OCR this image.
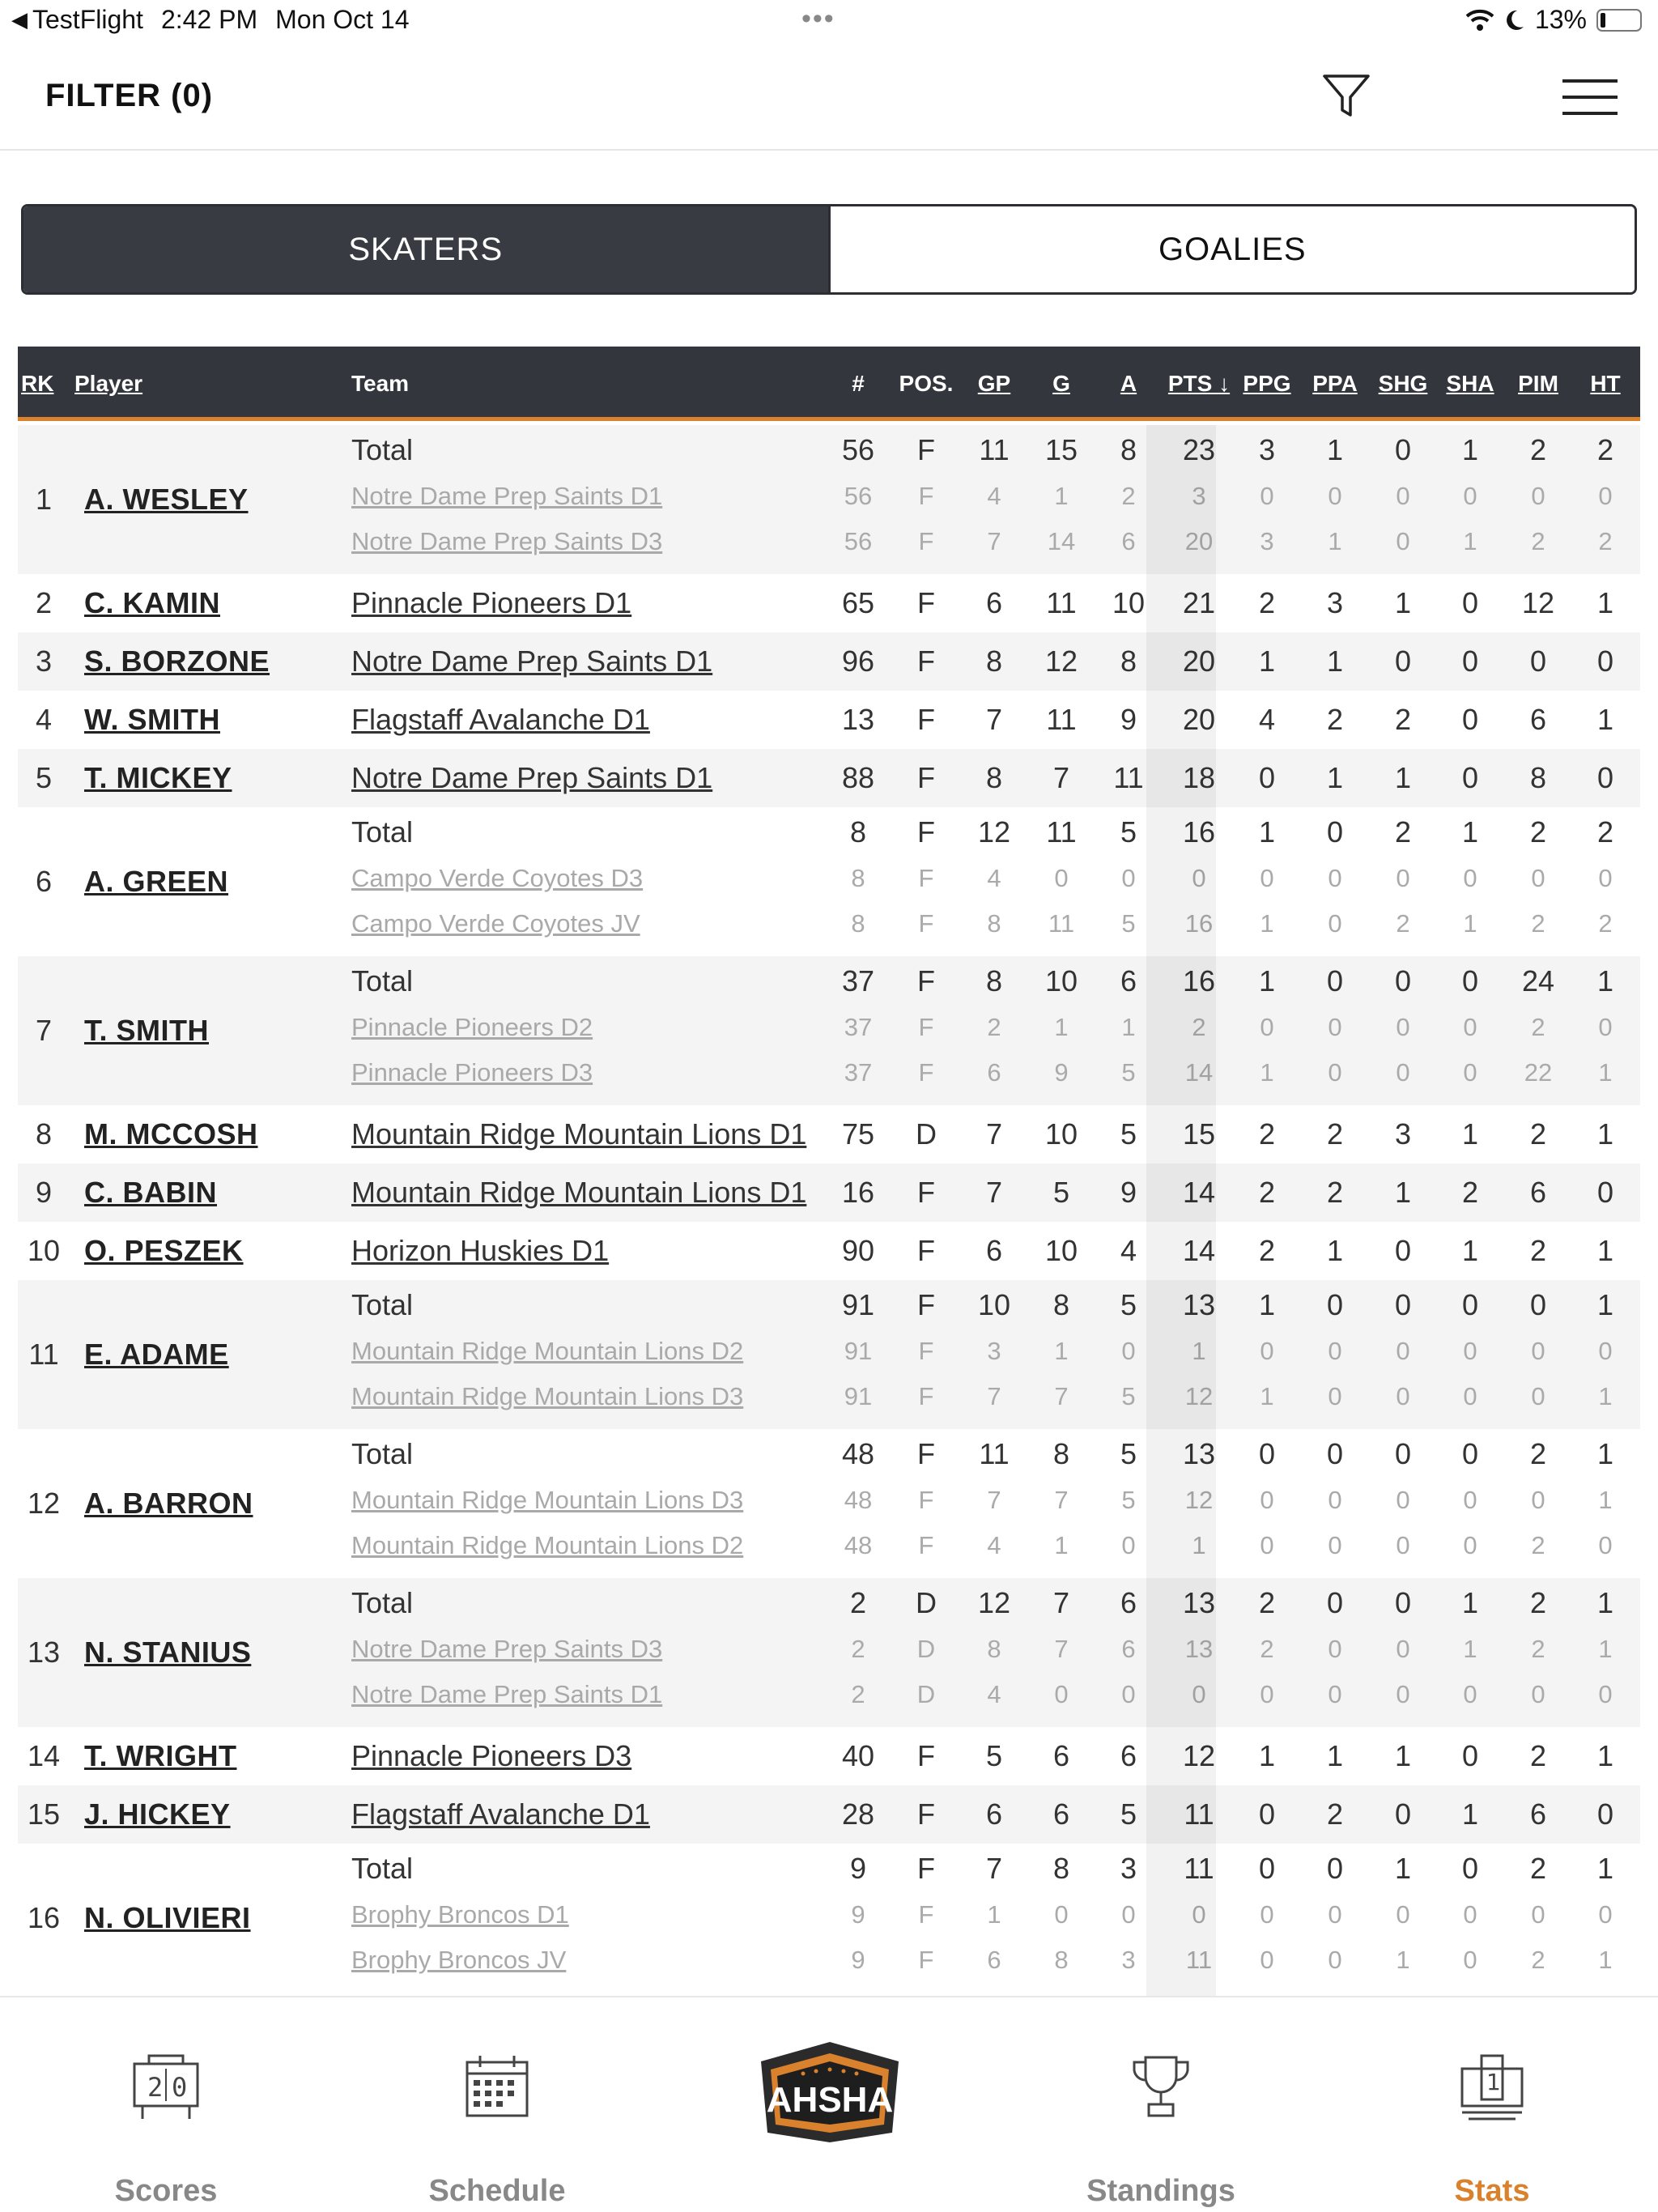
◀ TestFlight 2:42 PM Mon Oct 14	•••	13%
FILTER (0)
SKATERS	GOALIES
RK Player	Team	# POS. GP G A PTS ↓ PPG PPA SHG SHA PIM HT
1 A. WESLEY
Total	56 F 11 15 8 23 3 1 0 1 2 2
Notre Dame Prep Saints D1	56 F 4 1 2 3 0 0 0 0 0 0
Notre Dame Prep Saints D3	56 F 7 14 6 20 3 1 0 1 2 2
2 C. KAMIN	Pinnacle Pioneers D1	65 F 6 11 10 21 2 3 1 0 12 1
3 S. BORZONE	Notre Dame Prep Saints D1	96 F 8 12 8 20 1 1 0 0 0 0
4 W. SMITH	Flagstaff Avalanche D1	13 F 7 11 9 20 4 2 2 0 6 1
5 T. MICKEY	Notre Dame Prep Saints D1	88 F 8 7 11 18 0 1 1 0 8 0
6 A. GREEN
Total	8 F 12 11 5 16 1 0 2 1 2 2
Campo Verde Coyotes D3	8 F 4 0 0 0 0 0 0 0 0 0
Campo Verde Coyotes JV	8 F 8 11 5 16 1 0 2 1 2 2
7 T. SMITH
Total	37 F 8 10 6 16 1 0 0 0 24 1
Pinnacle Pioneers D2	37 F 2 1 1 2 0 0 0 0 2 0
Pinnacle Pioneers D3	37 F 6 9 5 14 1 0 0 0 22 1
8 M. MCCOSH	Mountain Ridge Mountain Lions D1 75 D 7 10 5 15 2 2 3 1 2 1
9 C. BABIN	Mountain Ridge Mountain Lions D1 16 F 7 5 9 14 2 2 1 2 6 0
10 O. PESZEK	Horizon Huskies D1	90 F 6 10 4 14 2 1 0 1 2 1
11 E. ADAME
Total	91 F 10 8 5 13 1 0 0 0 0 1
Mountain Ridge Mountain Lions D2	91 F 3 1 0 1 0 0 0 0 0 0
Mountain Ridge Mountain Lions D3	91 F 7 7 5 12 1 0 0 0 0 1
12 A. BARRON
Total	48 F 11 8 5 13 0 0 0 0 2 1
Mountain Ridge Mountain Lions D3	48 F 7 7 5 12 0 0 0 0 0 1
Mountain Ridge Mountain Lions D2	48 F 4 1 0 1 0 0 0 0 2 0
13 N. STANIUS
Total	2 D 12 7 6 13 2 0 0 1 2 1
Notre Dame Prep Saints D3	2 D 8 7 6 13 2 0 0 1 2 1
Notre Dame Prep Saints D1	2 D 4 0 0 0 0 0 0 0 0 0
14 T. WRIGHT	Pinnacle Pioneers D3	40 F 5 6 6 12 1 1 1 0 2 1
15 J. HICKEY	Flagstaff Avalanche D1	28 F 6 6 5 11 0 2 0 1 6 0
16 N. OLIVIERI
Total	9 F 7 8 3 11 0 0 1 0 2 1
Brophy Broncos D1	9 F 1 0 0 0 0 0 0 0 0 0
Brophy Broncos JV	9 F 6 8 3 11 0 0 1 0 2 1
2 0
Scores	Schedule	Standings
1
Stats
AHSHA
